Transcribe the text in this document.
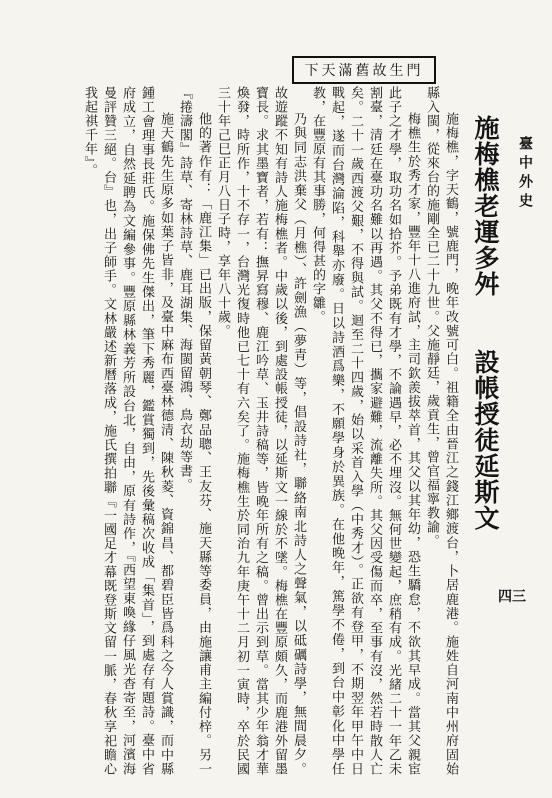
臺中外史
四三
施梅樵老運多舛設帳授徒延斯文

施梅樵，字天鶴，號鹿門，晚年改號可白。祖籍全由晉江之錢江鄉渡台，卜居鹿港。施姓自河南中州府固始縣入閩，從來台的施剛全已二十九世。父施靜廷，歲貢生，曾官福寧教諭。

梅樵生於秀才家，豐年十八進府試，主司欽羨拔萃首，其父以其年幼，恐生驕怠，不欲其早成。當其父親宦此子之才學，取功名如拾芥。予弟既有才學，不論遇早，必不埋沒。無何世變起，庶稍有成。光緒二十一年乙未割臺，清廷在臺功名難以再遇。其父不得已，攜家避難，流離失所。其父因受傷而卒，至事有沒，然若時散人亡矣。二十一歲西渡父艱，不得與試。迴至二十四歲，始以采首入學（中秀才）。正欲有登甲，不期翌年甲午中日戰起，遂而台灣淪陷，科舉亦廢。日以詩酒爲樂，不願學身於異族。在他晚年，篤學不倦，到台中彰化中學任教，在豐原有其事勝，何得甚的字雛。

乃與同志洪棄父（月樵）、許劍漁（夢青）等，倡設詩社，聯絡南北詩人之聲氣，以砥礪詩學，無間晨夕。故遊蹤不知有詩人施梅樵者。中歲以後，到處設帳授徒，以延斯文一線於不墜。梅樵在豐原頗久，而鹿港外留墨寶長。求其墨寶者，若有：撫昇寫穆、鹿江吟草、玉井詩稿等，皆晚年所有之稿。曾出示到草。當其少年翁才華煥發，時所作，十不存一，台灣光復時他已七十有六矣了。施梅樵生於同治九年庚午十二月初一寅時，卒於民國三十年己巳正月八日子時，享年八十歲。

他的著作有：「鹿江集」已出版，保留黃朝琴、鄭品聰、王友芬、施天縣等委員，由施讓甫主編付梓。另一『捲濤閣』詩草、寄林詩草、鹿耳湖集、海閩留鴻、鳥衣劫等書。

施天鶴先生原多如葉子皆非，及臺中麻布西臺林德清、陳秋菱、資錦昌、都碧臣皆爲科之今人賞識，而中縣鍾工會理事長莊氏。施保佛先生傑出，筆下秀麗，鑑賞獨到，先後彙稿次收成「集首」，到處存有題詩。臺中省府成立，自然延聘為文編參事。豐原縣林義芳所設台北，自由，原有詩作，『西望東喚緣仔風光杳寄至，河濱海曼評贊三絕。台』也，出子師手。文林嚴述新曆落成，施氏撰拍聯『一國足才幕既登斯文留一脈，春秋享祀瞻心我起祺千年』。

下天滿舊故生門
